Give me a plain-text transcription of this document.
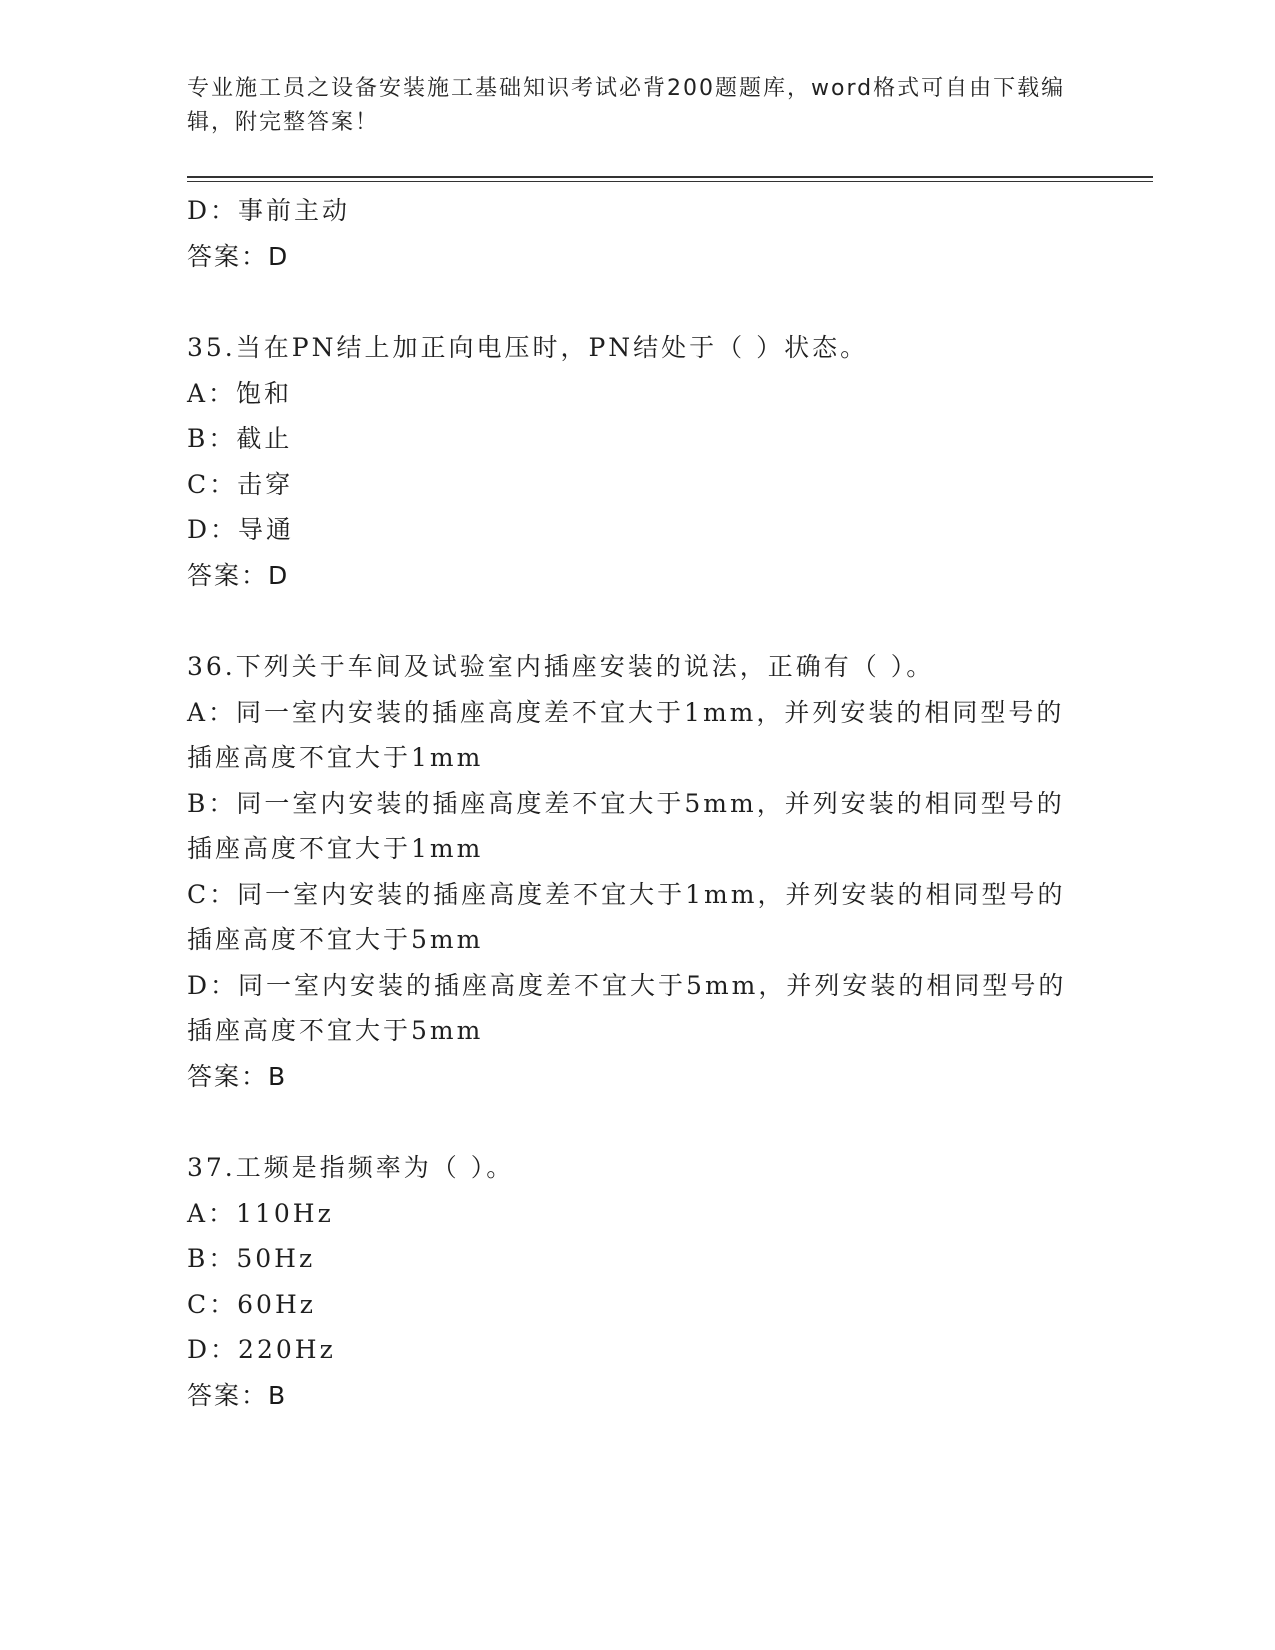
专业施工员之设备安装施工基础知识考试必背200题题库，word格式可自由下载编辑，附完整答案！
D：事前主动
答案：D
35.当在PN结上加正向电压时，PN结处于（ ）状态。
A：饱和
B：截止
C：击穿
D：导通
答案：D
36.下列关于车间及试验室内插座安装的说法，正确有（ ）。
A：同一室内安装的插座高度差不宜大于1mm，并列安装的相同型号的
插座高度不宜大于1mm
B：同一室内安装的插座高度差不宜大于5mm，并列安装的相同型号的
插座高度不宜大于1mm
C：同一室内安装的插座高度差不宜大于1mm，并列安装的相同型号的
插座高度不宜大于5mm
D：同一室内安装的插座高度差不宜大于5mm，并列安装的相同型号的
插座高度不宜大于5mm
答案：B
37.工频是指频率为（ ）。
A：110Hz
B：50Hz
C：60Hz
D：220Hz
答案：B
